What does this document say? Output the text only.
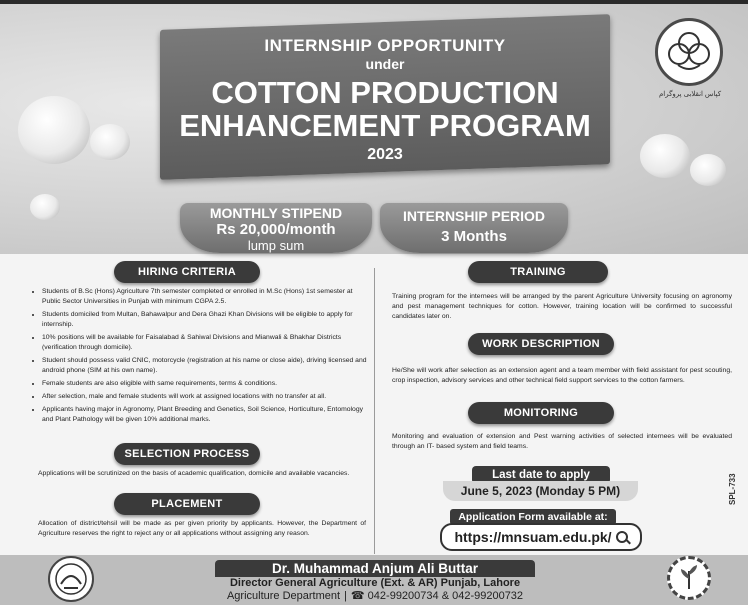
INTERNSHIP OPPORTUNITY
under
COTTON PRODUCTION
ENHANCEMENT PROGRAM
2023
کپاس انقلابی پروگرام
MONTHLY STIPEND
Rs 20,000/month
lump sum
INTERNSHIP PERIOD
3 Months
HIRING CRITERIA
• Students of B.Sc (Hons) Agriculture 7th semester completed or enrolled in M.Sc (Hons) 1st semester at Public Sector Universities in Punjab with minimum CGPA 2.5.
• Students domiciled from Multan, Bahawalpur and Dera Ghazi Khan Divisions will be eligible to apply for internship.
• 10% positions will be available for Faisalabad & Sahiwal Divisions and Mianwali & Bhakhar Districts (verification through domicile).
• Student should possess valid CNIC, motorcycle (registration at his name or close aide), driving licensed and android phone (SIM at his own name).
• Female students are also eligible with same requirements, terms & conditions.
• After selection, male and female students will work at assigned locations with no transfer at all.
• Applicants having major in Agronomy, Plant Breeding and Genetics, Soil Science, Horticulture, Entomology and Plant Pathology will be given 10% additional marks.
SELECTION PROCESS

Applications will be scrutinized on the basis of academic qualification, domicile and available vacancies.

PLACEMENT

Allocation of district/tehsil will be made as per given priority by applicants. However, the Department of Agriculture reserves the right to reject any or all applications without assigning any reason.

TRAINING

Training program for the internees will be arranged by the parent Agriculture University focusing on agronomy and pest management techniques for cotton. However, training location will be confirmed to successful candidates later on.

WORK DESCRIPTION

He/She will work after selection as an extension agent and a team member with field assistant for pest scouting, crop inspection, advisory services and other technical field support services to the cotton farmers.

MONITORING

Monitoring and evaluation of extension and Pest warning activities of selected internees will be evaluated through an IT- based system and field teams.

Last date to apply
June 5, 2023 (Monday 5 PM)
Application Form available at:
https://mnsuam.edu.pk/
SPL-733
Dr. Muhammad Anjum Ali Buttar
Director General Agriculture (Ext. & AR) Punjab, Lahore
Agriculture Department | ☎ 042-99200734 & 042-99200732
